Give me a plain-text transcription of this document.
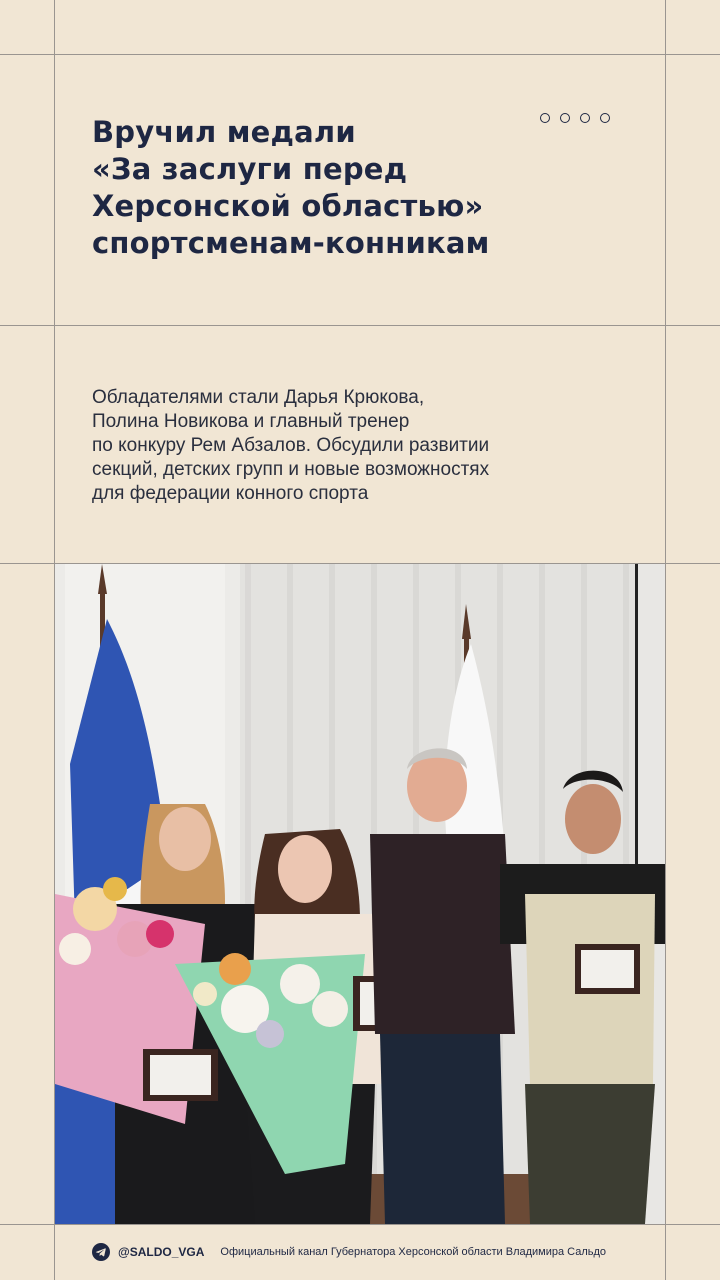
Вручил медали
«За заслуги перед
Херсонской областью»
спортсменам-конникам
Обладателями стали Дарья Крюкова,
Полина Новикова и главный тренер
по конкуру Рем Абзалов. Обсудили развитии
секций, детских групп и новые возможностях
для федерации конного спорта
@SALDO_VGA Официальный канал Губернатора Херсонской области Владимира Сальдо
